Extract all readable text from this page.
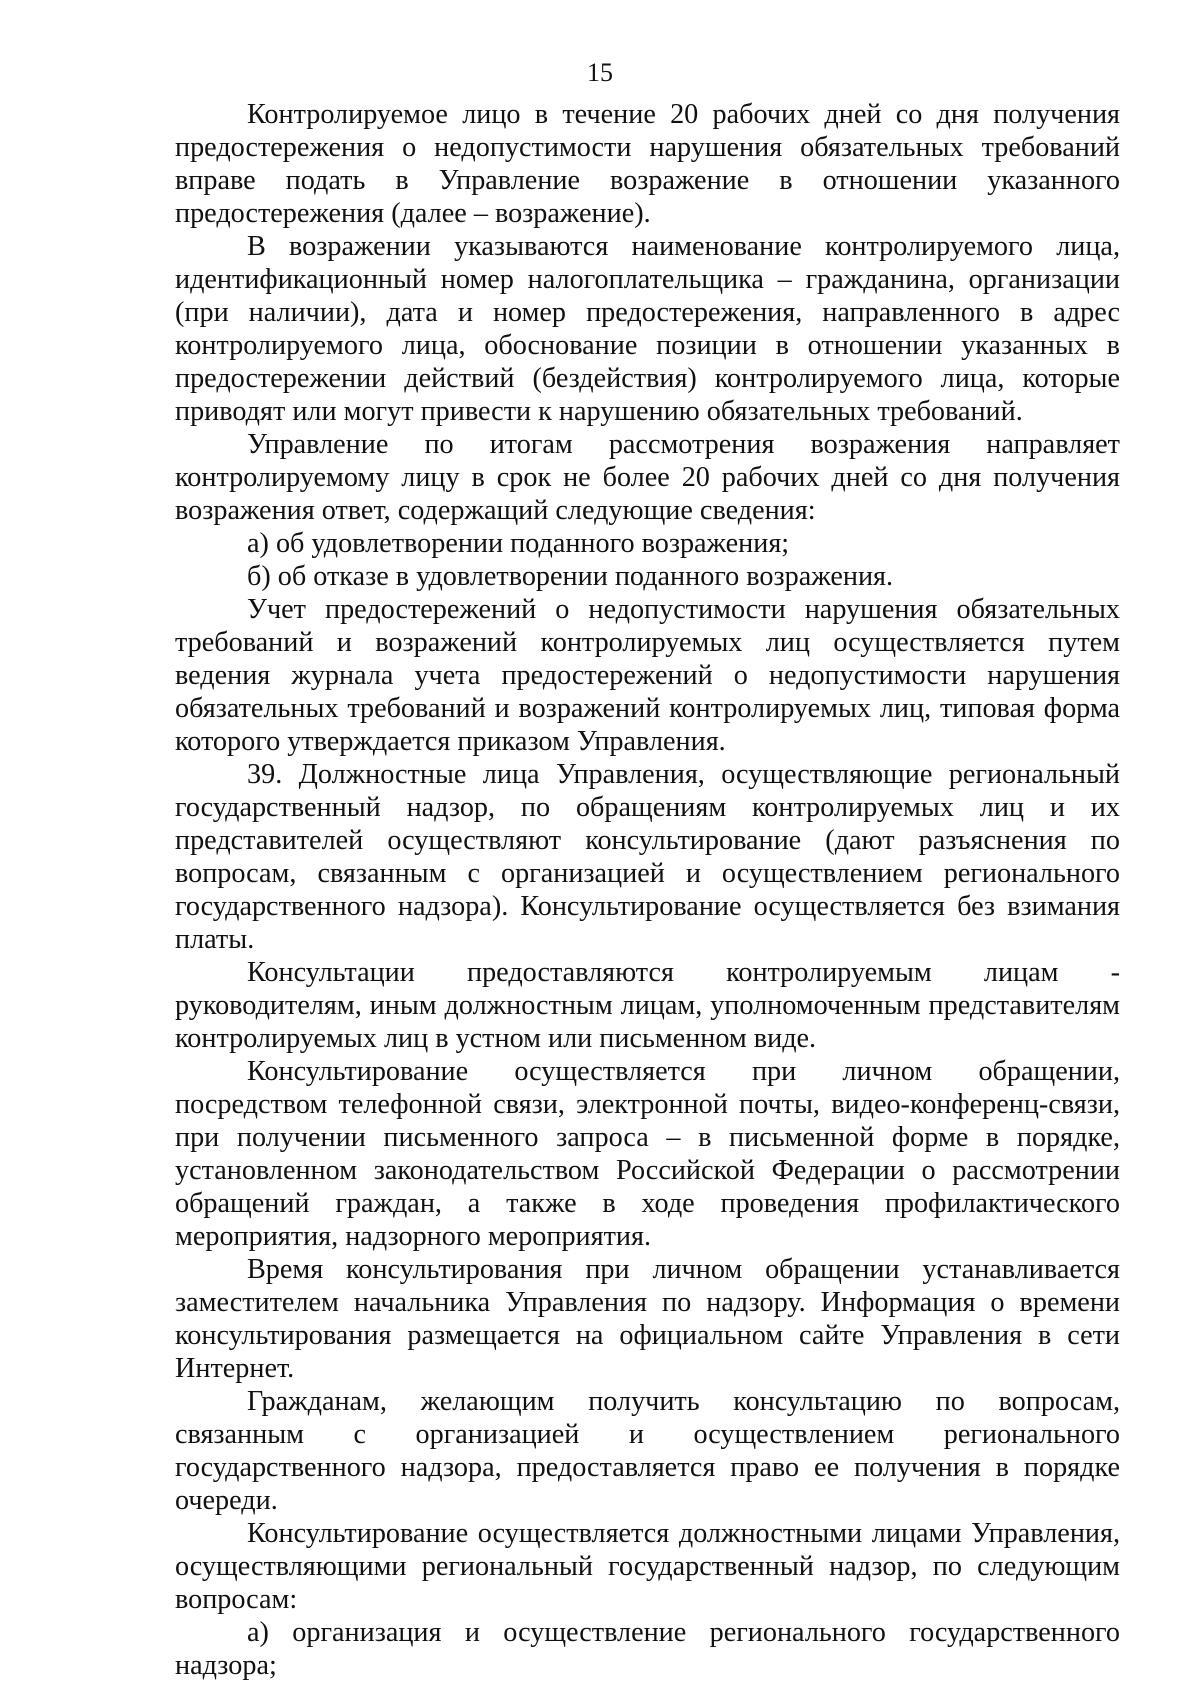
15

Контролируемое лицо в течение 20 рабочих дней со дня получения предостережения о недопустимости нарушения обязательных требований вправе подать в Управление возражение в отношении указанного предостережения (далее – возражение).

В возражении указываются наименование контролируемого лица, идентификационный номер налогоплательщика – гражданина, организации (при наличии), дата и номер предостережения, направленного в адрес контролируемого лица, обоснование позиции в отношении указанных в предостережении действий (бездействия) контролируемого лица, которые приводят или могут привести к нарушению обязательных требований.

Управление по итогам рассмотрения возражения направляет контролируемому лицу в срок не более 20 рабочих дней со дня получения возражения ответ, содержащий следующие сведения:

а) об удовлетворении поданного возражения;

б) об отказе в удовлетворении поданного возражения.

Учет предостережений о недопустимости нарушения обязательных требований и возражений контролируемых лиц осуществляется путем ведения журнала учета предостережений о недопустимости нарушения обязательных требований и возражений контролируемых лиц, типовая форма которого утверждается приказом Управления.

39. Должностные лица Управления, осуществляющие региональный государственный надзор, по обращениям контролируемых лиц и их представителей осуществляют консультирование (дают разъяснения по вопросам, связанным с организацией и осуществлением регионального государственного надзора). Консультирование осуществляется без взимания платы.

Консультации предоставляются контролируемым лицам - руководителям, иным должностным лицам, уполномоченным представителям контролируемых лиц в устном или письменном виде.

Консультирование осуществляется при личном обращении, посредством телефонной связи, электронной почты, видео-конференц-связи, при получении письменного запроса – в письменной форме в порядке, установленном законодательством Российской Федерации о рассмотрении обращений граждан, а также в ходе проведения профилактического мероприятия, надзорного мероприятия.

Время консультирования при личном обращении устанавливается заместителем начальника Управления по надзору. Информация о времени консультирования размещается на официальном сайте Управления в сети Интернет.

Гражданам, желающим получить консультацию по вопросам, связанным с организацией и осуществлением регионального государственного надзора, предоставляется право ее получения в порядке очереди.

Консультирование осуществляется должностными лицами Управления, осуществляющими региональный государственный надзор, по следующим вопросам:

а) организация и осуществление регионального государственного надзора;
